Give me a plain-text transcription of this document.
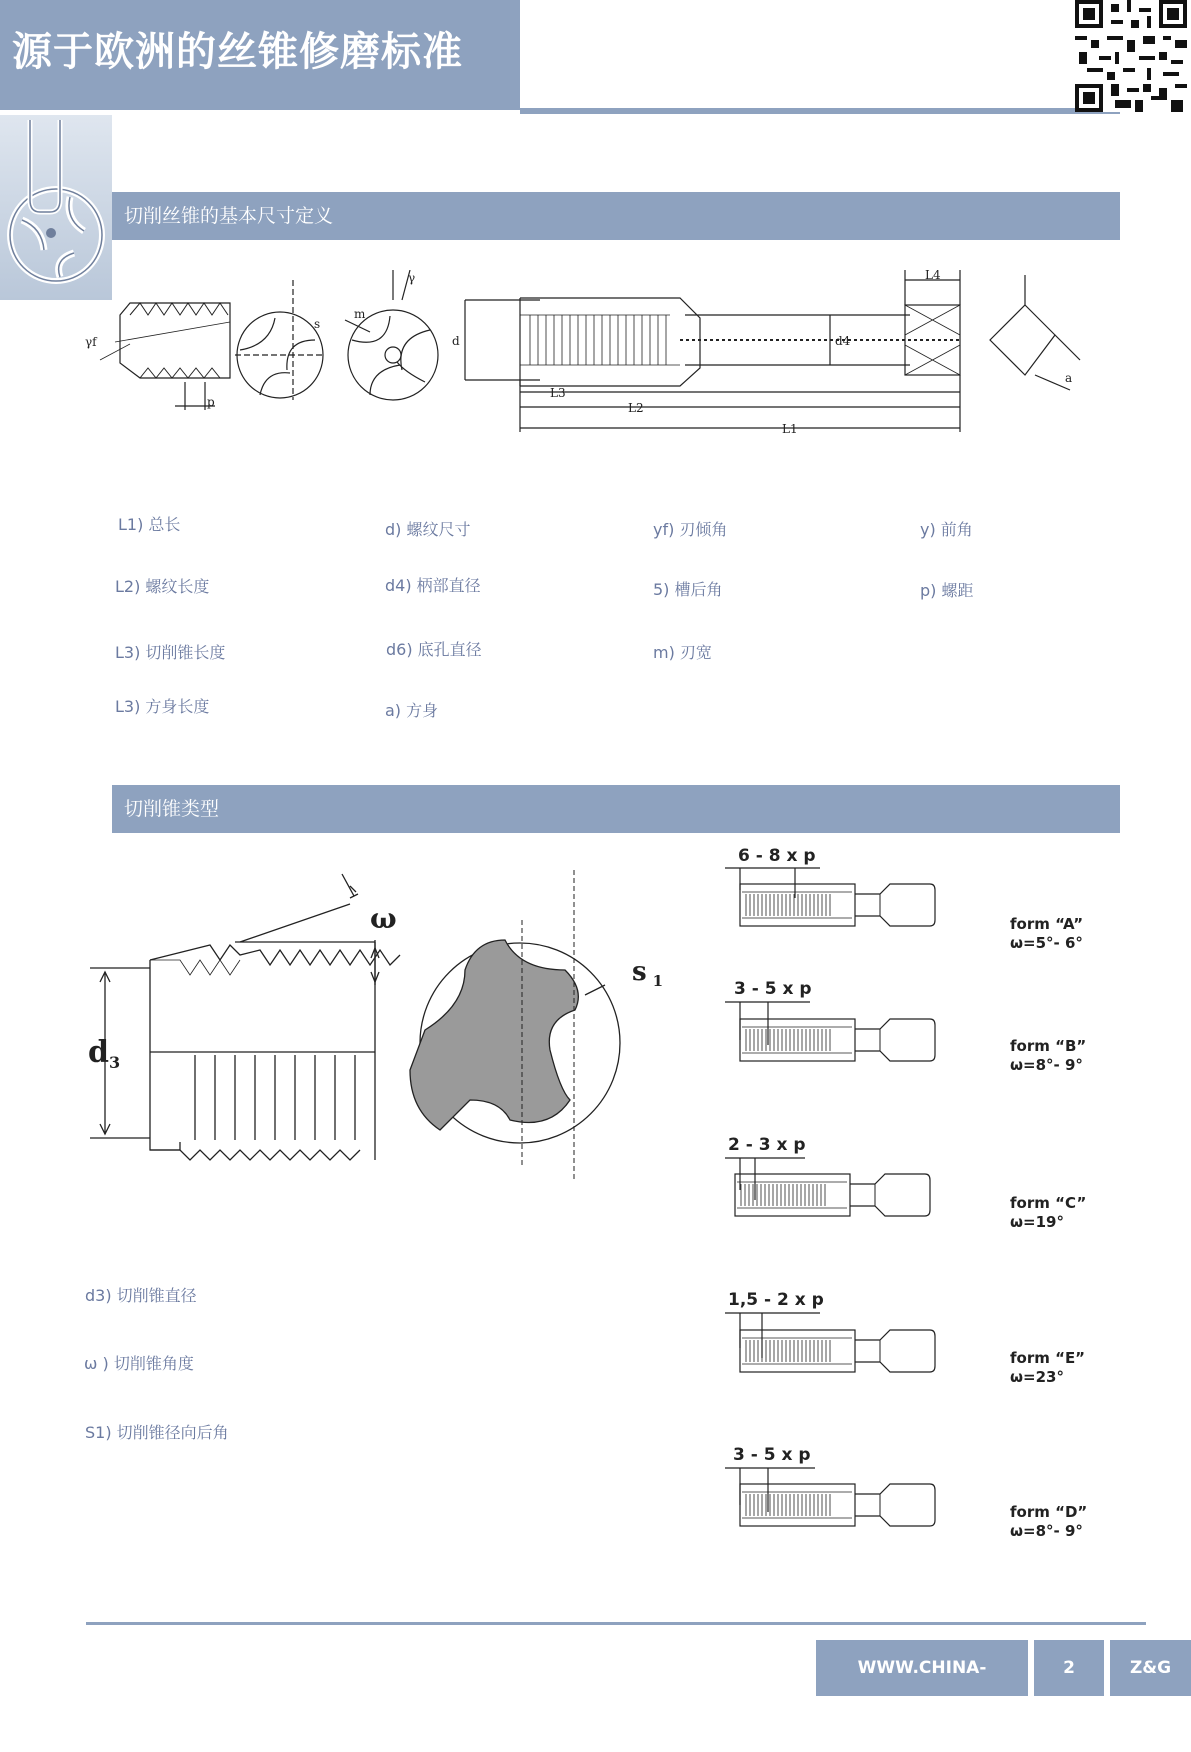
源于欧洲的丝锥修磨标准
切削丝锥的基本尺寸定义
γf
p
s
m
γ
d	d4
L4
a
L3
L2
L1
L1) 总长	d) 螺纹尺寸	yf) 刃倾角	y) 前角
L2) 螺纹长度	d4) 柄部直径	5) 槽后角	p) 螺距
L3) 切削锥长度	d6) 底孔直径	m) 刃宽
L3) 方身长度	a) 方身
切削锥类型
ω
$d_3$
s $_1$
d3) 切削锥直径
ω ) 切削锥角度
S1) 切削锥径向后角
6 - 8 x p
form “A”
ω=5°- 6°
3 - 5 x p
form “B”
ω=8°- 9°
2 - 3 x p
form “C”
ω=19°
1,5 - 2 x p
form “E”
ω=23°
3 - 5 x p
form “D”
ω=8°- 9°
WWW.CHINA-ZGTECH.COM
2	Z&G
